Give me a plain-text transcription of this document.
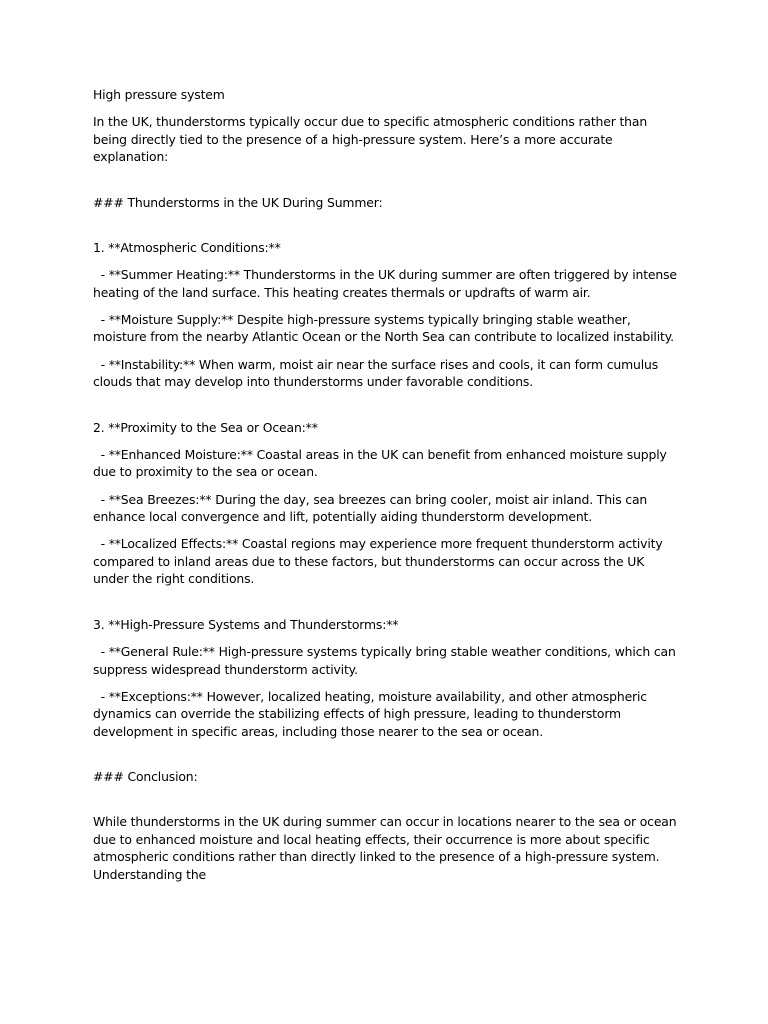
High pressure system

In the UK, thunderstorms typically occur due to specific atmospheric conditions rather than being directly tied to the presence of a high-pressure system. Here’s a more accurate explanation:

### Thunderstorms in the UK During Summer:

1. **Atmospheric Conditions:**

- **Summer Heating:** Thunderstorms in the UK during summer are often triggered by intense heating of the land surface. This heating creates thermals or updrafts of warm air.

- **Moisture Supply:** Despite high-pressure systems typically bringing stable weather, moisture from the nearby Atlantic Ocean or the North Sea can contribute to localized instability.

- **Instability:** When warm, moist air near the surface rises and cools, it can form cumulus clouds that may develop into thunderstorms under favorable conditions.

2. **Proximity to the Sea or Ocean:**

- **Enhanced Moisture:** Coastal areas in the UK can benefit from enhanced moisture supply due to proximity to the sea or ocean.

- **Sea Breezes:** During the day, sea breezes can bring cooler, moist air inland. This can enhance local convergence and lift, potentially aiding thunderstorm development.

- **Localized Effects:** Coastal regions may experience more frequent thunderstorm activity compared to inland areas due to these factors, but thunderstorms can occur across the UK under the right conditions.

3. **High-Pressure Systems and Thunderstorms:**

- **General Rule:** High-pressure systems typically bring stable weather conditions, which can suppress widespread thunderstorm activity.

- **Exceptions:** However, localized heating, moisture availability, and other atmospheric dynamics can override the stabilizing effects of high pressure, leading to thunderstorm development in specific areas, including those nearer to the sea or ocean.

### Conclusion:

While thunderstorms in the UK during summer can occur in locations nearer to the sea or ocean due to enhanced moisture and local heating effects, their occurrence is more about specific atmospheric conditions rather than directly linked to the presence of a high-pressure system. Understanding the
